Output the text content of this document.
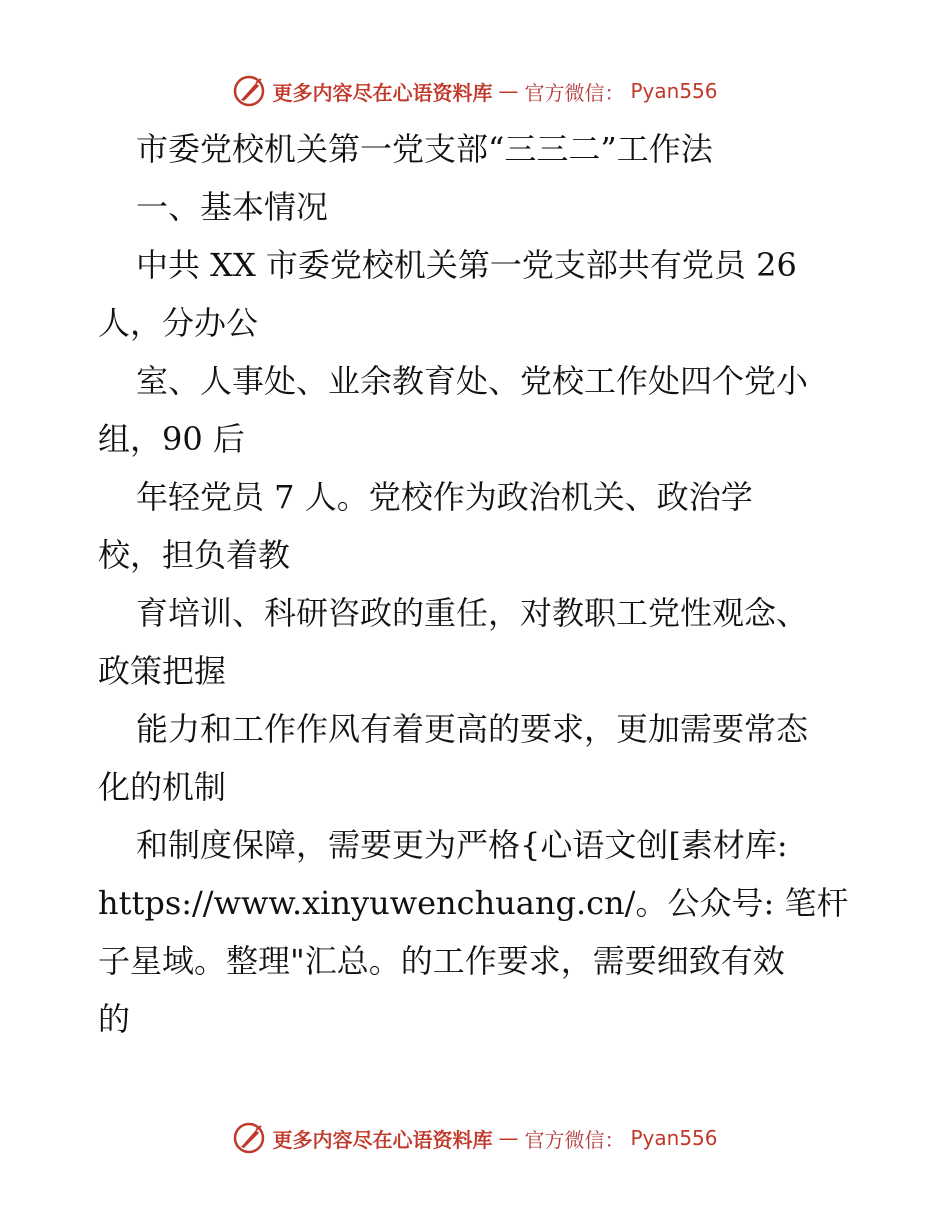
更多内容尽在心语资料库 — 官方微信： Pyan556
市委党校机关第一党支部“三三二”工作法
一、基本情况
中共 XX 市委党校机关第一党支部共有党员 26
人，分办公
室、人事处、业余教育处、党校工作处四个党小
组，90 后
年轻党员 7 人。党校作为政治机关、政治学
校，担负着教
育培训、科研咨政的重任，对教职工党性观念、
政策把握
能力和工作作风有着更高的要求，更加需要常态
化的机制
和制度保障，需要更为严格{心语文创[素材库:
https://www.xinyuwenchuang.cn/。公众号: 笔杆
子星域。整理"汇总。的工作要求，需要细致有效
的
更多内容尽在心语资料库 — 官方微信： Pyan556
